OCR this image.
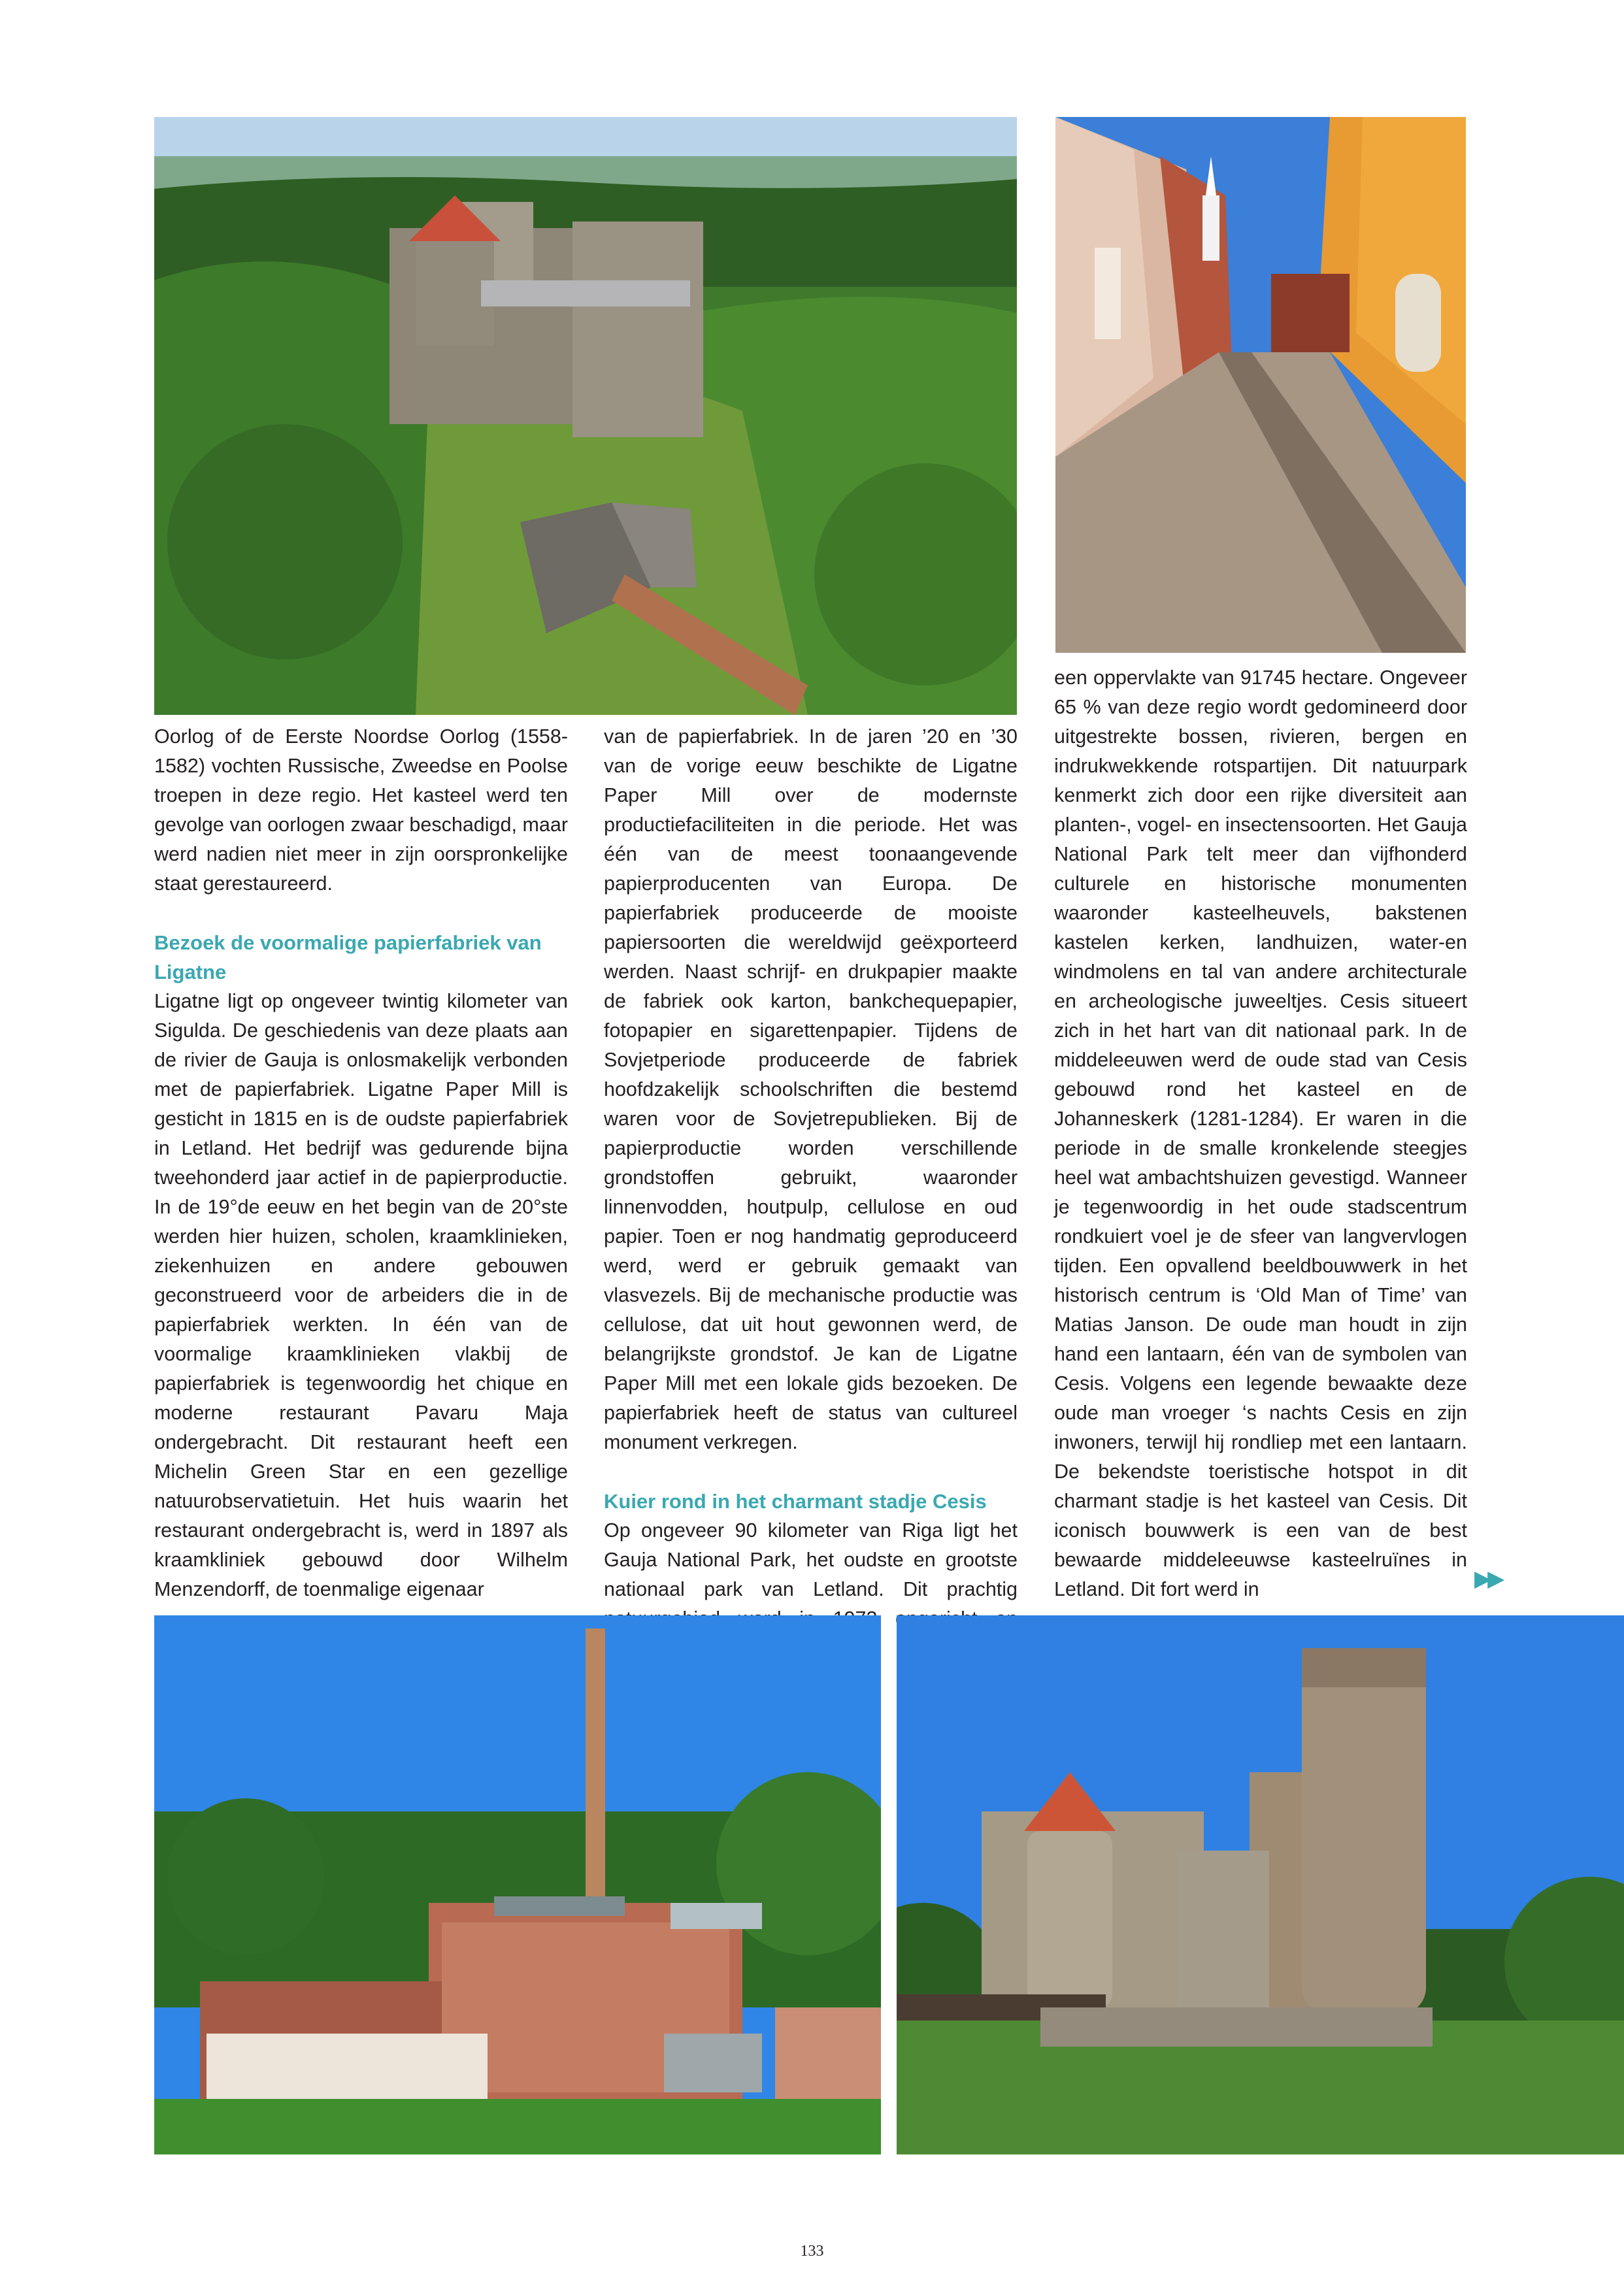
Oorlog of de Eerste Noordse Oorlog (1558-1582) vochten Russische, Zweedse en Poolse troepen in deze regio. Het kasteel werd ten gevolge van oorlogen zwaar beschadigd, maar werd nadien niet meer in zijn oorspronkelijke staat gerestaureerd.

Bezoek de voormalige papierfabriek van Ligatne

Ligatne ligt op ongeveer twintig kilometer van Sigulda. De geschiedenis van deze plaats aan de rivier de Gauja is onlosmakelijk verbonden met de papierfabriek. Ligatne Paper Mill is gesticht in 1815 en is de oudste papierfabriek in Letland. Het bedrijf was gedurende bijna tweehonderd jaar actief in de papierproductie. In de 19°de eeuw en het begin van de 20°ste werden hier huizen, scholen, kraamklinieken, ziekenhuizen en andere gebouwen geconstrueerd voor de arbeiders die in de papierfabriek werkten. In één van de voormalige kraamklinieken vlakbij de papierfabriek is tegenwoordig het chique en moderne restaurant Pavaru Maja ondergebracht. Dit restaurant heeft een Michelin Green Star en een gezellige natuurobservatietuin. Het huis waarin het restaurant ondergebracht is, werd in 1897 als kraamkliniek gebouwd door Wilhelm Menzendorff, de toenmalige eigenaar

van de papierfabriek. In de jaren ’20 en ’30 van de vorige eeuw beschikte de Ligatne Paper Mill over de modernste productiefaciliteiten in die periode. Het was één van de meest toonaangevende papierproducenten van Europa. De papierfabriek produceerde de mooiste papiersoorten die wereldwijd geëxporteerd werden. Naast schrijf- en drukpapier maakte de fabriek ook karton, bankchequepapier, fotopapier en sigarettenpapier. Tijdens de Sovjetperiode produceerde de fabriek hoofdzakelijk schoolschriften die bestemd waren voor de Sovjetrepublieken. Bij de papierproductie worden verschillende grondstoffen gebruikt, waaronder linnenvodden, houtpulp, cellulose en oud papier. Toen er nog handmatig geproduceerd werd, werd er gebruik gemaakt van vlasvezels. Bij de mechanische productie was cellulose, dat uit hout gewonnen werd, de belangrijkste grondstof. Je kan de Ligatne Paper Mill met een lokale gids bezoeken. De papierfabriek heeft de status van cultureel monument verkregen.

Kuier rond in het charmant stadje Cesis

Op ongeveer 90 kilometer van Riga ligt het Gauja National Park, het oudste en grootste nationaal park van Letland. Dit prachtig

een oppervlakte van 91745 hectare. Ongeveer 65 % van deze regio wordt gedomineerd door uitgestrekte bossen, rivieren, bergen en indrukwekkende rotspartijen. Dit natuurpark kenmerkt zich door een rijke diversiteit aan planten-, vogel- en insectensoorten. Het Gauja National Park telt meer dan vijfhonderd culturele en historische monumenten waaronder kasteelheuvels, bakstenen kastelen kerken, landhuizen, water-en windmolens en tal van andere architecturale en archeologische juweeltjes. Cesis situeert zich in het hart van dit nationaal park. In de middeleeuwen werd de oude stad van Cesis gebouwd rond het kasteel en de Johanneskerk (1281-1284). Er waren in die periode in de smalle kronkelende steegjes heel wat ambachtshuizen gevestigd. Wanneer je tegenwoordig in het oude stadscentrum rondkuiert voel je de sfeer van langvervlogen tijden. Een opvallend beeldbouwwerk in het historisch centrum is ‘Old Man of Time’ van Matias Janson. De oude man houdt in zijn hand een lantaarn, één van de symbolen van Cesis. Volgens een legende bewaakte deze oude man vroeger ‘s nachts Cesis en zijn inwoners, terwijl hij rondliep met een lantaarn. De bekendste toeristische hotspot in dit charmant stadje is het kasteel van Cesis. Dit iconisch bouwwerk is een van de best bewaarde middeleeuwse kasteelruïnes in Letland. Dit fort werd in	▶▶
133
